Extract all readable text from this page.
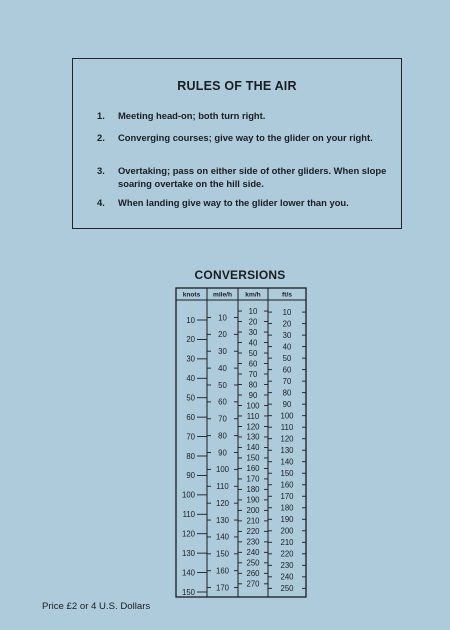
RULES OF THE AIR
1. Meeting head-on; both turn right.
2. Converging courses; give way to the glider on your right.
3. Overtaking; pass on either side of other gliders. When slope soaring overtake on the hill side.
4. When landing give way to the glider lower than you.
CONVERSIONS
knots mile/h km/h	ft/s
10
20
30
40
50
60
70
80
90
100
110
120
130
140
150
10
20
30
40
50
60
70
80
90
100
110
120
130
140
150
160
170
10
20
30
40
50
60
70
80
90
100
110
120
130
140
150
160
170
180
190
200
210
220
230
240
250
260
270
10
20
30
40
50
60
70
80
90
100
110
120
130
140
150
160
170
180
190
200
210
220
230
240
250
Price £2 or 4 U.S. Dollars
